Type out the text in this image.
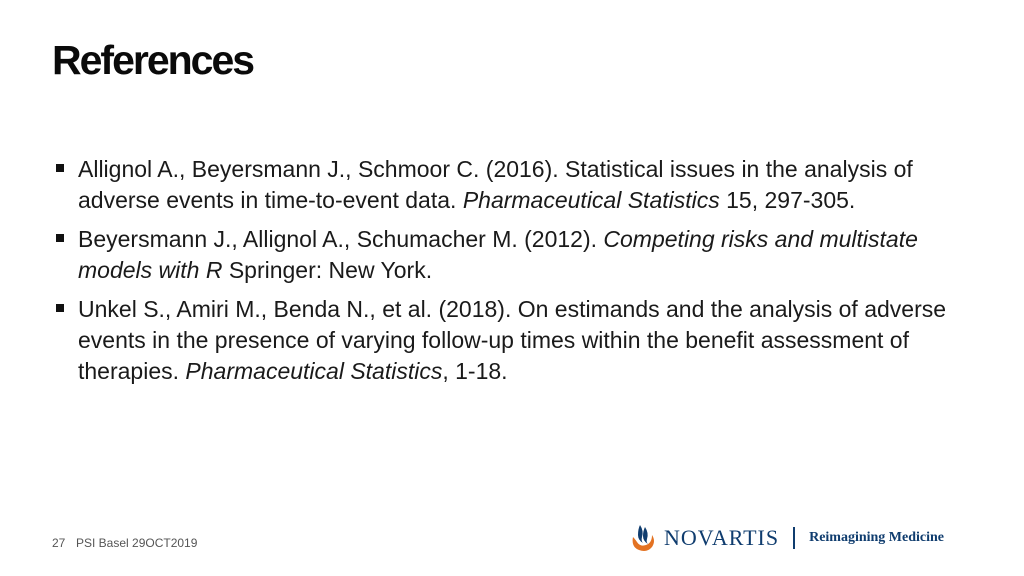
References
Allignol A., Beyersmann J., Schmoor C. (2016). Statistical issues in the analysis of adverse events in time-to-event data. Pharmaceutical Statistics 15, 297-305.
Beyersmann J., Allignol A., Schumacher M. (2012). Competing risks and multistate models with R Springer: New York.
Unkel S., Amiri M., Benda N., et al. (2018). On estimands and the analysis of adverse events in the presence of varying follow-up times within the benefit assessment of therapies. Pharmaceutical Statistics, 1-18.
27 PSI Basel 29OCT2019	NOVARTIS Reimagining Medicine
